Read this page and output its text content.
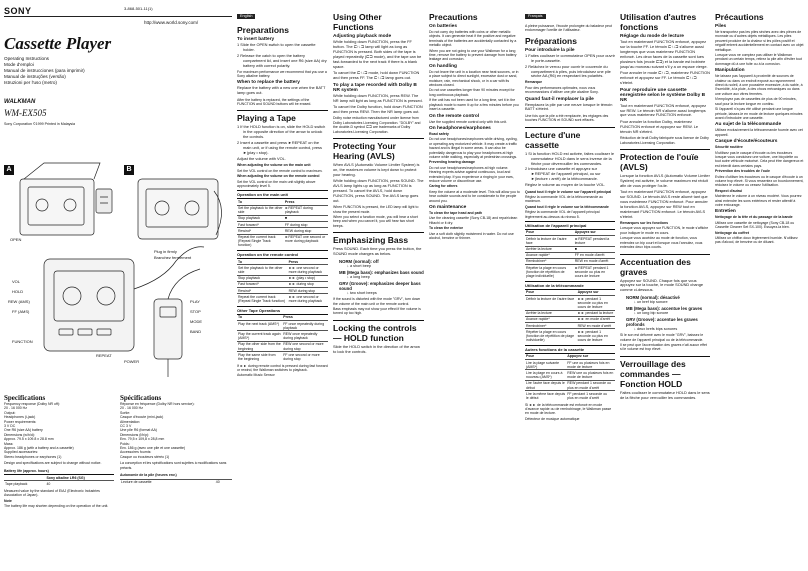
SONY	3-868-501-11(1)
http://www.world.sony.com/
Cassette Player
Operating Instructions
Mode d'emploi
Manual de instrucciones (para imprimir)
Manual de instruções (versão)
Istruzioni per l'uso (metro)
WALKMAN
WM-EX505
Sony Corporation ©1999 Printed in Malaysia
A	B
OPEN
VOL
HOLD
REW (AMS)
FF (AMS)
FUNCTION
Plug in firmly
Branchez fermement
PLAY
STOP
MODE
BAND
REPEAT
POWER
Specifications
Frequency response (Dolby NR off):
20 - 16 000 Hz
Output:
Headphones (i-jack)
Power requirements:
3 V DC
One R6 (size AA) battery
Dimensions (w/h/d):
Approx. 79.5 x 109.8 x 28.8 mm
Mass:
Approx. 186 g (with a battery and a cassette)
Supplied accessories:
Stereo headphones or earphones (1)
Design and specifications are subject to change without notice.
Battery life (approx. hours)
	Sony alkaline LR6 (SG)
Tape playback	40
Measured value by the standard of EIAJ (Electronic Industries Association of Japan).
Note
The battery life may shorten depending on the operation of the unit.
Spécifications
Réponse en fréquence (Dolby NR hors service):
20 - 16 000 Hz
Sortie:
Casque d'écoute (mini-jack)
Alimentation:
CC 3 V
Une pile R6 (format AA)
Dimensions (l/h/p):
Env. 79,5 x 109,8 x 28,8 mm
Poids:
Env. 186 g (avec une pile et une cassette)
Accessoires fournis:
Casque ou écouteurs stéréo (1)
La conception et les spécifications sont sujettes à modifications sans préavis.
Autonomie de la pile (heures env.)
Lecture de cassette	40
English
Preparations
To insert battery
1 Slide the OPEN switch to open the cassette holder.
2 Release the catch to open the battery compartment lid, and insert one R6 (size AA) dry battery with correct polarity.
For maximum performance we recommend that you use a Sony alkaline battery.
When to replace the battery
Replace the battery with a new one when the BATT lamp goes out.
After the battery is replaced, the settings of the FUNCTION and SOUND buttons will be erased.
Playing a Tape
1 If the HOLD function is on, slide the HOLD switch in the opposite direction of the arrow to unlock the controls.
2 Insert a cassette and press ►REPEAT on the main unit, or if using the remote control, press ►(play • stop).
Adjust the volume with VOL.
When adjusting the volume on the main unit
Set the VOL control on the remote control to maximum.
When adjusting the volume on the remote control
Set the VOL control on the main unit slightly above approximately level 5.
Operation on the main unit
To	Press
Set the playback to the other side	►REPEAT during playback
Stop playback	■
Fast forward*	FF during stop
Rewind*	REW during stop
Repeat the current track (Repeat Single Track function)	►REPEAT one second or more during playback
Operation on the remote control
To	Press
Set the playback to the other side	►► one second or more during playback
Stop playback	►► (play • stop)
Fast forward*	►► during stop
Rewind*	REW during stop
Repeat the current track (Repeat Single Track function)	►► one second or more during playback
Other Tape Operations
To	Press
Play the next track (AMS*)	FF once repeatedly during playback
Play the current track again (AMS*)	REW once repeatedly during playback
Play the other side from the beginning	REW one second or more during stop
Play the same side from the beginning	FF one second or more during stop
If ►► during remote control is pressed during fast forward or rewind, the Walkman switches to playback.
Automatic Music Sensor
Using Other Functions
Adjusting playback mode
While holding down FUNCTION, press the FF button. The ⊏↑↓⊐ lamp will light as long as FUNCTION is pressed. Both sides of the tape is played repeatedly (⊏⊐ mode), and the tape can be fast-forwarded to the next track if there is a blank space.
To cancel the ⊏↑↓⊐ mode, hold down FUNCTION and then press FF. The ⊏↑↓⊐ lamp goes out.
To play a tape recorded with Dolby B NR system
While holding down FUNCTION, press REW. The NR lamp will light as long as FUNCTION is pressed.
To cancel the Dolby function, hold down FUNCTION and then press REW. Then the NR lamp goes out.
Dolby noise reduction manufactured under license from Dolby Laboratories Licensing Corporation. "DOLBY" and the double-D symbol ⊏⊐ are trademarks of Dolby Laboratories Licensing Corporation.
Protecting Your Hearing (AVLS)
When AVLS (Automatic Volume Limiter System) is on, the maximum volume is kept down to protect your hearing.
While holding down FUNCTION, press SOUND. The AVLS lamp lights up as long as FUNCTION is pressed. To cancel the AVLS, hold down FUNCTION, press SOUND. The AVLS lamp goes out.
When FUNCTION is pressed, the LED lamp will light to show the present mode.
When you select a function mode, you will hear a short beep and when you cancel it, you will hear two short beeps.
Emphasizing Bass
Press SOUND. Each time you press the button, the SOUND mode changes as below.
NORM (normal): off
↓ a short beep
MB (Mega bass): emphasizes bass sound
↓ a long beep
GRV (Groove): emphasizes deeper bass sound
↓ two short beeps
If the sound is distorted with the mode "GRV", turn down the volume of the main unit or the remote control.
Bass emphasis may not show your effect if the volume is turned up too high.
Locking the controls — HOLD function
Slide the HOLD switch in the direction of the arrow to lock the controls.
Precautions
On batteries
Do not carry dry batteries with coins or other metallic objects. It can generate heat if the positive and negative terminals of the batteries are accidentally contacted by a metallic object.
When you are not going to use your Walkman for a long time, remove the battery to prevent damage from battery leakage and corrosion.
On handling
Do not leave the unit in a location near heat sources, or in a place subject to direct sunlight, excessive dust or sand, moisture, rain, mechanical shock, or in a car with its windows closed.
Do not use cassettes longer than 90 minutes except for long continuous playback.
If the unit has not been used for a long time, set it in the playback mode to warm it up for a few minutes before you insert a cassette.
On the remote control
Use the supplied remote control only with this unit.
On headphones/earphones
Road safety
Do not use headphones/earphones while driving, cycling, or operating any motorized vehicle. It may create a traffic hazard and is illegal in some areas. It can also be potentially dangerous to play your headphones at high volume while walking, especially at pedestrian crossings.
Preventing hearing damage
Do not use headphones/earphones at high volume. Hearing experts advise against continuous, loud and extended play. If you experience a ringing in your ears, reduce volume or discontinue use.
Caring for others
Keep the volume at a moderate level. This will allow you to hear outside sounds and to be considerate to the people around you.
On maintenance
To clean the tape head and path
Use the cleaning cassette (Sony CB-18) and repair/clean Hitachi or it dry.
To clean the exterior
Use a soft cloth slightly moistened in water. Do not use alcohol, benzine or thinner.
Français
A pleine puissance, l'écoute prolongée du baladeur peut endommager l'oreille de l'utilisateur.
Préparations
Pour introduire la pile
1 Faites coulisser le commutateur OPEN pour ouvrir le porte-cassette.
2 Relâchez le verrou pour ouvrir le couvercle du compartiment à piles, puis introduisez une pile sèche AA (R6) en respectant les polarités.
Remarque
Pour des performances optimales, nous vous recommandons d'utiliser une pile alcaline Sony.
Quand faut-il remplacer la pile
Remplacez la pile par une neuve lorsque le témoin BATT s'éteint.
Une fois que la pile a été remplacée, les réglages des touches FUNCTION et SOUND sont effacés.
Lecture d'une cassette
1 Si la fonction HOLD est activée, faites coulisser le commutateur HOLD dans le sens inverse de la flèche pour déverrouiller les commandes.
2 Introduisez une cassette et appuyez sur ►REPEAT de l'appareil principal, ou sur ►(lecture • arrêt) de la télécommande.
Réglez le volume au moyen de la touche VOL.
Quand tout il règle le volume sur l'appareil principal
Réglez la commande VOL de la télécommande au maximum.
Quand tout il règle le volume sur la télécommande
Réglez la commande VOL de l'appareil principal légèrement au-dessus du niveau 5.
Utilisation de l'appareil principal
Pour	Appuyez sur
Définir la lecture de l'autre face	►REPEAT pendant la lecture
Arrêter la lecture	■
Avance rapide*	FF en mode d'arrêt
Rembobiner*	REW en mode d'arrêt
Répéter la plage en cours (fonction de répétition de plage individuelle)	►REPEAT pendant 1 seconde ou plus en cours de lecture
Utilisation de la télécommande
Pour	Appuyez sur
Définir la lecture de l'autre face	►► pendant 1 seconde ou plus en cours de lecture
Arrêter la lecture	►► pendant la lecture
Avance rapide*	►► en mode d'arrêt
Rembobiner*	REW en mode d'arrêt
Répéter la plage en cours (fonction de répétition de plage individuelle)	►► pendant 1 seconde ou plus en cours de lecture
Autres fonctions de la cassette
Pour	Appuyez sur
Lire la plage suivante (AMS*)	FF une ou plusieurs fois en mode de lecture
Lire la plage en cours à nouveau (AMS*)	REW une ou plusieurs fois en mode de lecture
Lire l'autre face depuis le début	REW pendant 1 seconde ou plus en mode d'arrêt
Lire la même face depuis le début	FF pendant 1 seconde ou plus en mode d'arrêt
Si ►► de la télécommande est enfoncé en mode d'avance rapide ou de rembobinage, le Walkman passe en mode de lecture.
Détecteur de musique automatique
Utilisation d'autres fonctions
Réglage du mode de lecture
Tout en maintenant FUNCTION enfoncé, appuyez sur la touche FF. Le témoin ⊏↑↓⊐ s'allume aussi longtemps que vous maintenez FUNCTION enfoncé. Les deux faces de la cassette sont lues plusieurs fois (mode ⊏⊐) et la bande est bobinée jusqu'au morceau suivant s'il y a un espace vierge.
Pour annuler le mode ⊏↑↓⊐, maintenez FUNCTION enfoncé et appuyez sur FF. Le témoin ⊏↑↓⊐ s'éteint.
Pour reproduire une cassette enregistrée selon le système Dolby B NR
Tout en maintenant FUNCTION enfoncé, appuyez sur REW. Le témoin NR s'allume aussi longtemps que vous maintenez FUNCTION enfoncé.
Pour annuler la fonction Dolby, maintenez FUNCTION enfoncé et appuyez sur REW. Le témoin NR s'éteint.
Réduction de bruit Dolby fabriquée sous licence de Dolby Laboratories Licensing Corporation.
Protection de l'ouïe (AVLS)
Lorsque la fonction AVLS (Automatic Volume Limiter System) est activée, le volume maximum est réduit afin de vous protéger l'ouïe.
Tout en maintenant FUNCTION enfoncé, appuyez sur SOUND. Le témoin AVLS reste allumé tant que vous maintenez FUNCTION enfoncé. Pour annuler la fonction AVLS, appuyez sur REW tout en maintenant FUNCTION enfoncé. Le témoin AVLS s'éteint.
Remarques sur les fonctions
Lorsque vous appuyez sur FUNCTION, le mode s'affiche pour indiquer le mode en cours.
Lorsque vous accédez au mode de fonction, vous entendez un bip court et lorsque vous l'annulez, vous entendez deux bips courts.
Accentuation des graves
Appuyez sur SOUND. Chaque fois que vous appuyez sur la touche, le mode SOUND change comme ci-dessous.
NORM (normal): désactivé
↓ un bref bip sonore
MB (Mega bass): accentue les graves
↓ un long bip sonore
GRV (Groove): accentue les graves profonds
↓ deux brefs bips sonores
Si le son est déformé avec le mode "GRV", baissez le volume de l'appareil principal ou de la télécommande.
Il se peut que l'accentuation des graves n'ait aucun effet si le volume est trop élevé.
Verrouillage des commandes — Fonction HOLD
Faites coulisser le commutateur HOLD dans le sens de la flèche pour verrouiller les commandes.
Précautions
Piles
Ne transportez pas les piles sèches avec des pièces de monnaie ou d'autres objets métalliques. Les piles peuvent produire de la chaleur si les pôles positif et négatif entrent accidentellement en contact avec un objet métallique.
Lorsque vous ne comptez pas utiliser le Walkman pendant un certain temps, retirez la pile afin d'éviter tout dommage dû à une fuite ou à la corrosion.
Manipulation
Ne laissez pas l'appareil à proximité de sources de chaleur ou dans un endroit exposé au rayonnement direct du soleil, à une poussière excessive, à du sable, à l'humidité, à la pluie, à des chocs mécaniques ou dans une voiture aux vitres fermées.
N'employez pas de cassettes de plus de 90 minutes, sauf pour la lecture longue en continu.
Si l'appareil n'a pas été utilisé pendant une longue période, laissez-le en mode de lecture quelques minutes avant d'introduire une cassette.
Au sujet de la télécommande
Utilisez exclusivement la télécommande fournie avec cet appareil.
Casque d'écoute/écouteurs
Sécurité routière
N'utilisez pas le casque d'écoute ou les écouteurs lorsque vous conduisez une voiture, une bicyclette ou tout autre véhicule motorisé. Cela peut être dangereux et est interdit dans certains pays.
Prévention des troubles de l'ouïe
Evitez d'utiliser les écouteurs ou le casque d'écoute à un volume trop élevé. Si vous ressentez un bourdonnement, réduisez le volume ou cessez l'utilisation.
Respect d'autrui
Maintenez le volume à un niveau modéré. Vous pourrez ainsi entendre les sons extérieurs et rester attentif à votre entourage.
Entretien
Nettoyage de la tête et du passage de la bande
Utilisez une cassette de nettoyage (Sony CB-18 ou Cassette Cleaner Set SX-100). Essuyez-la bien.
Nettoyage du coffret
Utilisez un chiffon doux légèrement humide. N'utilisez pas d'alcool, de benzine ou de diluant.
